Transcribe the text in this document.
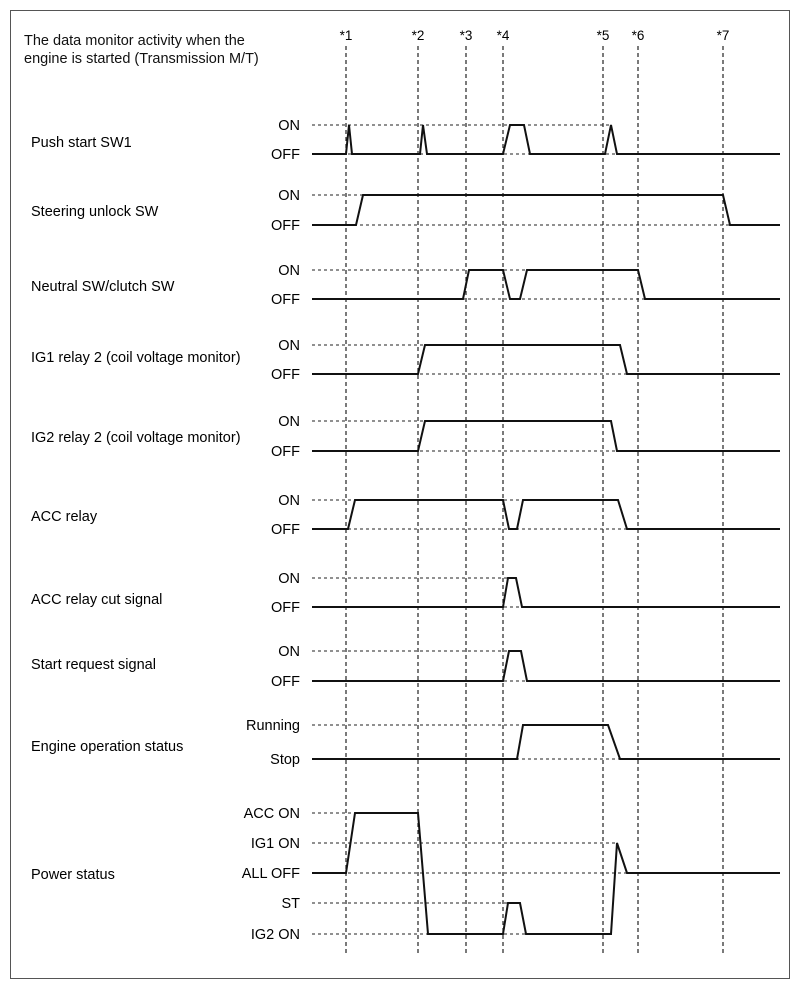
The data monitor activity when the
engine is started (Transmission M/T)
*1	*2	*3 *4	*5 *6	*7
Push start SW1
ON
OFF
Steering unlock SW
ON
OFF
Neutral SW/clutch SW
ON
OFF
IG1 relay 2 (coil voltage monitor)
ON
OFF
IG2 relay 2 (coil voltage monitor)
ON
OFF
ACC relay
ON
OFF
ACC relay cut signal
ON
OFF
Start request signal
ON
OFF
Engine operation status
Running
Stop
Power status
ACC ON
IG1 ON
ALL OFF
ST
IG2 ON
